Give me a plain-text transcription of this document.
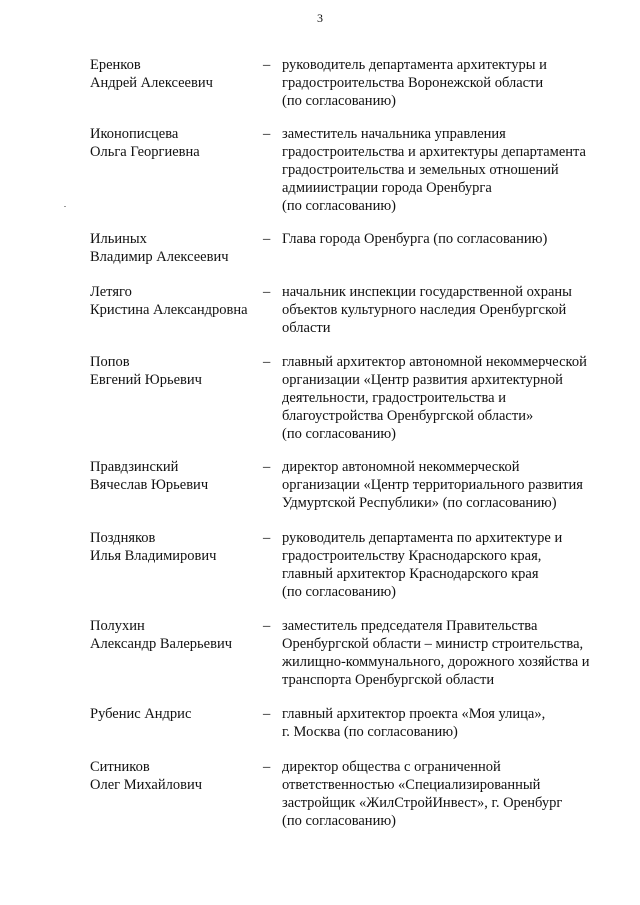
3
Еренков
Андрей Алексеевич
– руководитель департамента архитектуры и
градостроительства Воронежской области
(по согласованию)
Иконописцева
Ольга Георгиевна
– заместитель начальника управления
градостроительства и архитектуры департамента
градостроительства и земельных отношений
адмииистрации города Оренбурга
(по согласованию)
Ильиных
Владимир Алексеевич
– Глава города Оренбурга (по согласованию)
Летяго
Кристина Александровна
– начальник инспекции государственной охраны
объектов культурного наследия Оренбургской
области
Попов
Евгений Юрьевич
– главный архитектор автономной некоммерческой
организации «Центр развития архитектурной
деятельности, градостроительства и
благоустройства Оренбургской области»
(по согласованию)
Правдзинский
Вячеслав Юрьевич
– директор автономной некоммерческой
организации «Центр территориального развития
Удмуртской Республики» (по согласованию)
Поздняков
Илья Владимирович
– руководитель департамента по архитектуре и
градостроительству Краснодарского края,
главный архитектор Краснодарского края
(по согласованию)
Полухин
Александр Валерьевич
– заместитель председателя Правительства
Оренбургской области – министр строительства,
жилищно-коммунального, дорожного хозяйства и
транспорта Оренбургской области
Рубенис Андрис	– главный архитектор проекта «Моя улица»,
г. Москва (по согласованию)
Ситников
Олег Михайлович
– директор общества с ограниченной
ответственностью «Специализированный
застройщик «ЖилСтройИнвест», г. Оренбург
(по согласованию)
